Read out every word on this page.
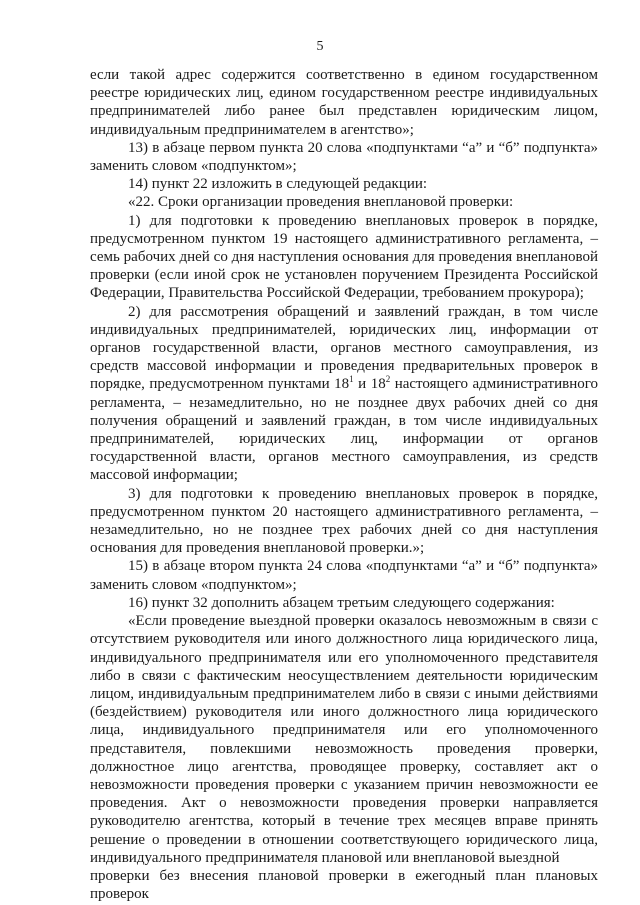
5

если такой адрес содержится соответственно в едином государственном реестре юридических лиц, едином государственном реестре индивидуальных предпринимателей либо ранее был представлен юридическим лицом, индивидуальным предпринимателем в агентство»;

13) в абзаце первом пункта 20 слова «подпунктами “а” и “б” подпункта» заменить словом «подпунктом»;

14) пункт 22 изложить в следующей редакции:

«22. Сроки организации проведения внеплановой проверки:

1) для подготовки к проведению внеплановых проверок в порядке, предусмотренном пунктом 19 настоящего административного регламента, – семь рабочих дней со дня наступления основания для проведения внеплановой проверки (если иной срок не установлен поручением Президента Российской Федерации, Правительства Российской Федерации, требованием прокурора);

2) для рассмотрения обращений и заявлений граждан, в том числе индивидуальных предпринимателей, юридических лиц, информации от органов государственной власти, органов местного самоуправления, из средств массовой информации и проведения предварительных проверок в порядке, предусмотренном пунктами $18^1$ и $18^2$ настоящего административного регламента, – незамедлительно, но не позднее двух рабочих дней со дня получения обращений и заявлений граждан, в том числе индивидуальных предпринимателей, юридических лиц, информации от органов государственной власти, органов местного самоуправления, из средств массовой информации;

3) для подготовки к проведению внеплановых проверок в порядке, предусмотренном пунктом 20 настоящего административного регламента, – незамедлительно, но не позднее трех рабочих дней со дня наступления основания для проведения внеплановой проверки.»;

15) в абзаце втором пункта 24 слова «подпунктами “а” и “б” подпункта» заменить словом «подпунктом»;

16) пункт 32 дополнить абзацем третьим следующего содержания:

«Если проведение выездной проверки оказалось невозможным в связи с отсутствием руководителя или иного должностного лица юридического лица, индивидуального предпринимателя или его уполномоченного представителя либо в связи с фактическим неосуществлением деятельности юридическим лицом, индивидуальным предпринимателем либо в связи с иными действиями (бездействием) руководителя или иного должностного лица юридического лица, индивидуального предпринимателя или его уполномоченного представителя, повлекшими невозможность проведения проверки, должностное лицо агентства, проводящее проверку, составляет акт о невозможности проведения проверки с указанием причин невозможности ее проведения. Акт о невозможности проведения проверки направляется руководителю агентства, который в течение трех месяцев вправе принять решение о проведении в отношении соответствующего юридического лица, индивидуального предпринимателя плановой или внеплановой выездной

проверки без внесения плановой проверки в ежегодный план плановых проверок
